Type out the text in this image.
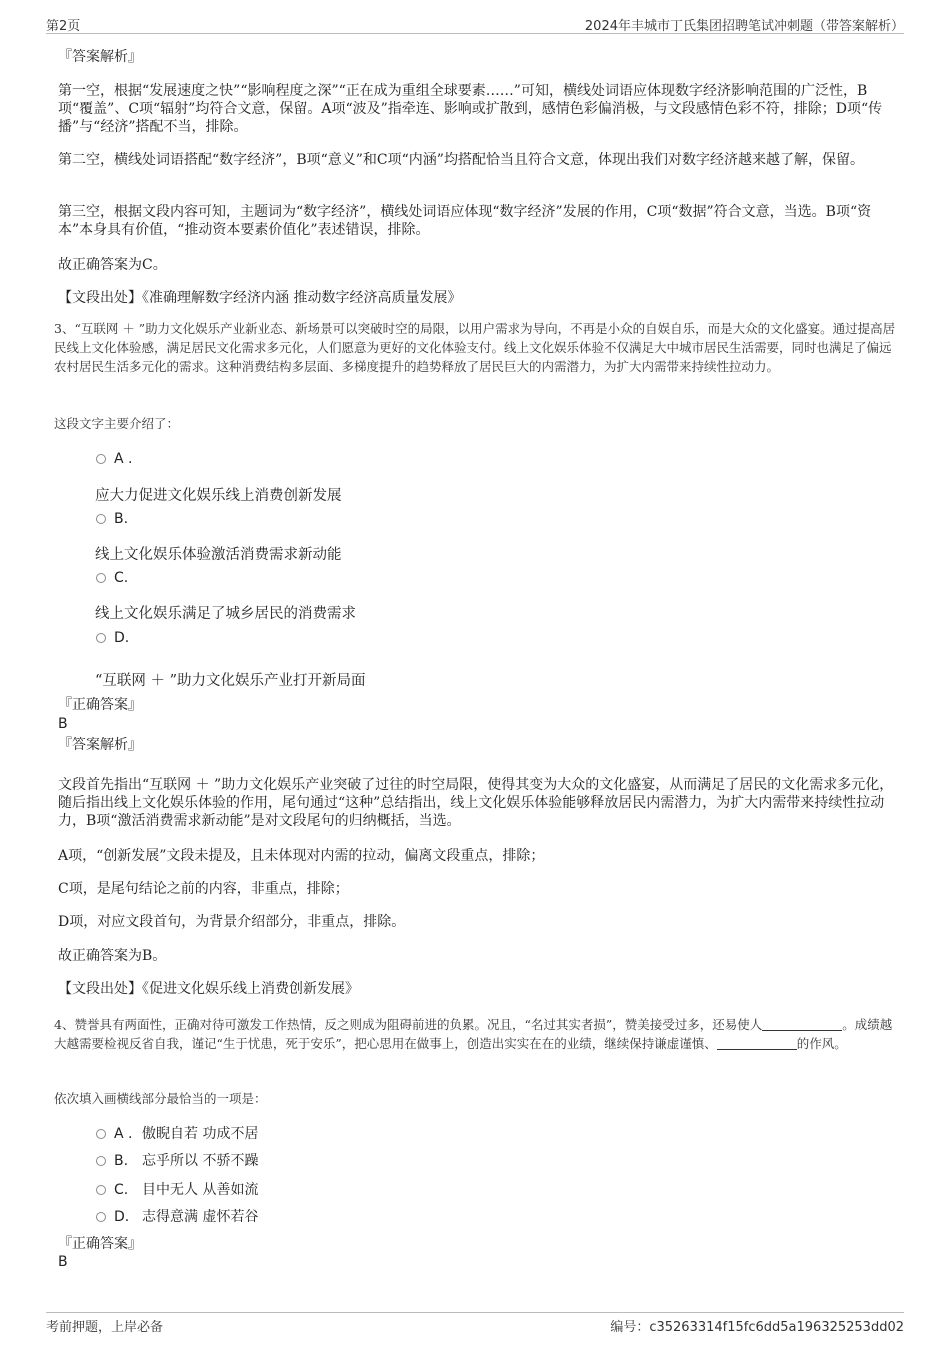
第2页	2024年丰城市丁氏集团招聘笔试冲刺题（带答案解析）
『答案解析』
第一空，根据“发展速度之快”“影响程度之深”“正在成为重组全球要素……”可知，横线处词语应体现数字经济影响范围的广泛性，B项“覆盖”、C项“辐射”均符合文意，保留。A项“波及”指牵连、影响或扩散到，感情色彩偏消极，与文段感情色彩不符，排除；D项“传播”与“经济”搭配不当，排除。
第二空，横线处词语搭配“数字经济”，B项“意义”和C项“内涵”均搭配恰当且符合文意，体现出我们对数字经济越来越了解，保留。
第三空，根据文段内容可知，主题词为“数字经济”，横线处词语应体现“数字经济”发展的作用，C项“数据”符合文意，当选。B项“资本”本身具有价值，“推动资本要素价值化”表述错误，排除。
故正确答案为C。
【文段出处】《准确理解数字经济内涵 推动数字经济高质量发展》
3、“互联网 ＋ ”助力文化娱乐产业新业态、新场景可以突破时空的局限，以用户需求为导向，不再是小众的自娱自乐，而是大众的文化盛宴。通过提高居民线上文化体验感，满足居民文化需求多元化，人们愿意为更好的文化体验支付。线上文化娱乐体验不仅满足大中城市居民生活需要，同时也满足了偏远农村居民生活多元化的需求。这种消费结构多层面、多梯度提升的趋势释放了居民巨大的内需潜力，为扩大内需带来持续性拉动力。
这段文字主要介绍了：
A .
应大力促进文化娱乐线上消费创新发展
B.
线上文化娱乐体验激活消费需求新动能
C.
线上文化娱乐满足了城乡居民的消费需求
D.
“互联网 ＋ ”助力文化娱乐产业打开新局面
『正确答案』
B
『答案解析』
文段首先指出“互联网 ＋ ”助力文化娱乐产业突破了过往的时空局限，使得其变为大众的文化盛宴，从而满足了居民的文化需求多元化，随后指出线上文化娱乐体验的作用，尾句通过“这种”总结指出，线上文化娱乐体验能够释放居民内需潜力，为扩大内需带来持续性拉动力，B项“激活消费需求新动能”是对文段尾句的归纳概括，当选。
A项，“创新发展”文段未提及，且未体现对内需的拉动，偏离文段重点，排除；
C项，是尾句结论之前的内容，非重点，排除；
D项，对应文段首句，为背景介绍部分，非重点，排除。
故正确答案为B。
【文段出处】《促进文化娱乐线上消费创新发展》
4、赞誉具有两面性，正确对待可激发工作热情，反之则成为阻碍前进的负累。况且，“名过其实者损”，赞美接受过多，还易使人	。成绩越大越需要检视反省自我，谨记“生于忧患，死于安乐”，把心思用在做事上，创造出实实在在的业绩，继续保持谦虚谨慎、	的作风。
依次填入画横线部分最恰当的一项是：
A . 傲睨自若 功成不居
B. 忘乎所以 不骄不躁
C. 目中无人 从善如流
D. 志得意满 虚怀若谷
『正确答案』
B
考前押题，上岸必备	编号：c35263314f15fc6dd5a196325253dd02
